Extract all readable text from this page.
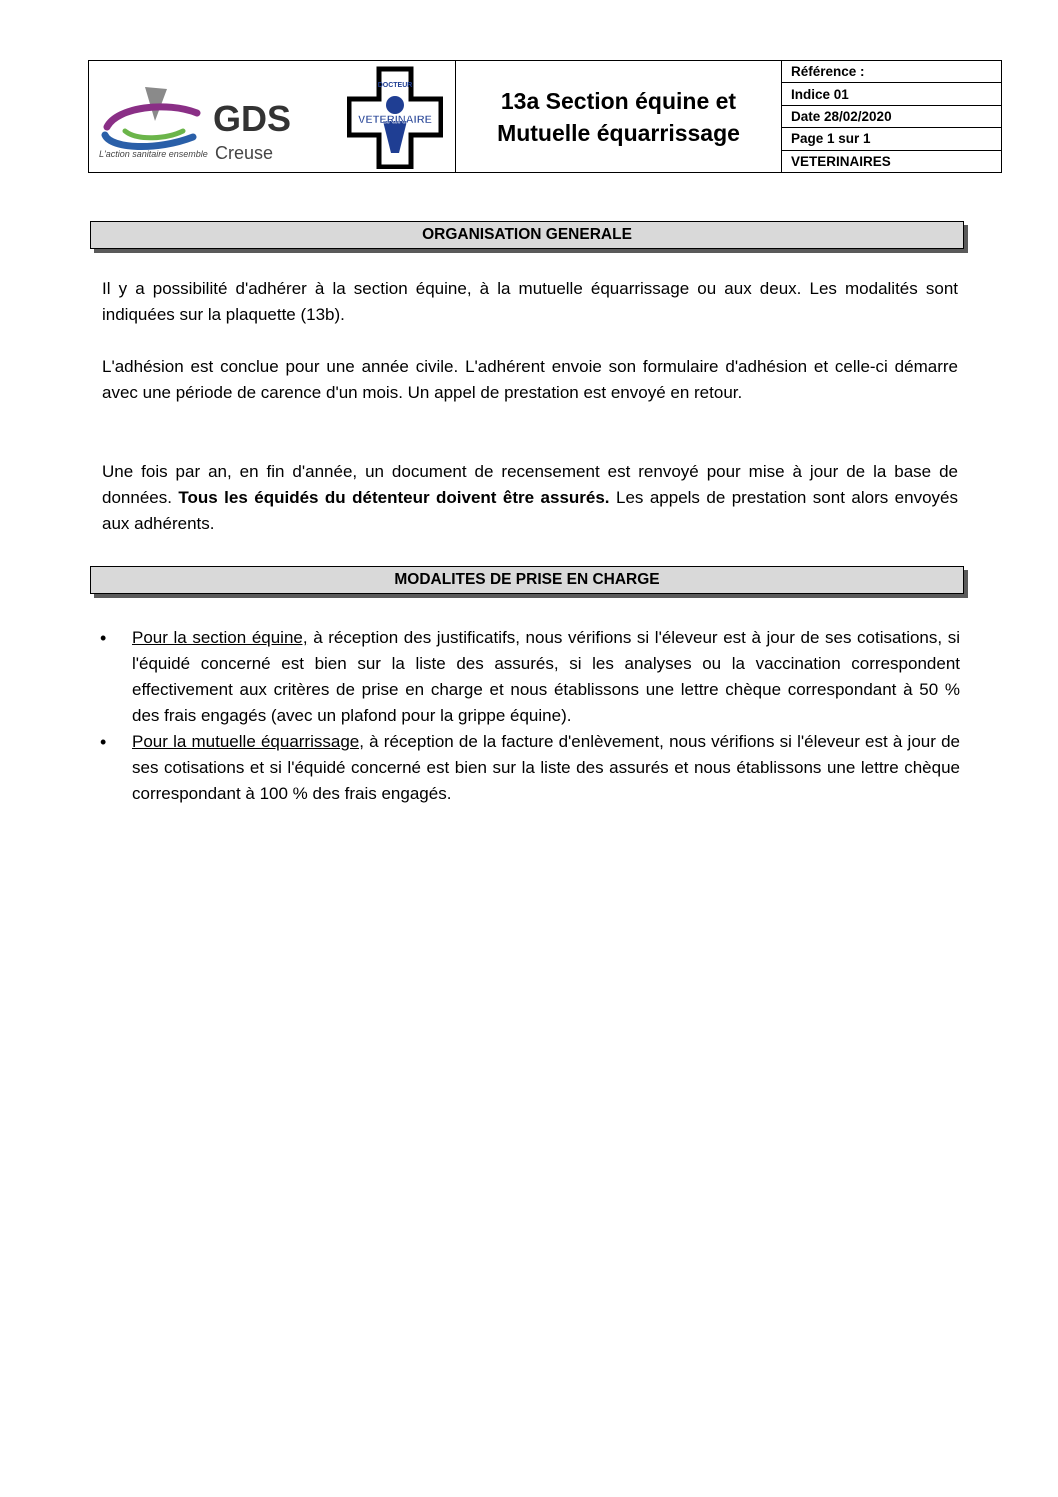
GDS
Creuse
L'action sanitaire ensemble
DOCTEUR
VETERINAIRE
13a Section équine et
Mutuelle équarrissage
Référence :
Indice 01
Date 28/02/2020
Page 1 sur 1
VETERINAIRES
ORGANISATION GENERALE

Il y a possibilité d'adhérer à la section équine, à la mutuelle équarrissage ou aux deux. Les modalités sont indiquées sur la plaquette (13b).

L'adhésion est conclue pour une année civile. L'adhérent envoie son formulaire d'adhésion et celle-ci démarre avec une période de carence d'un mois. Un appel de prestation est envoyé en retour.

Une fois par an, en fin d'année, un document de recensement est renvoyé pour mise à jour de la base de données. Tous les équidés du détenteur doivent être assurés. Les appels de prestation sont alors envoyés aux adhérents.

MODALITES DE PRISE EN CHARGE
• Pour la section équine, à réception des justificatifs, nous vérifions si l'éleveur est à jour de ses cotisations, si l'équidé concerné est bien sur la liste des assurés, si les analyses ou la vaccination correspondent effectivement aux critères de prise en charge et nous établissons une lettre chèque correspondant à 50 % des frais engagés (avec un plafond pour la grippe équine).
• Pour la mutuelle équarrissage, à réception de la facture d'enlèvement, nous vérifions si l'éleveur est à jour de ses cotisations et si l'équidé concerné est bien sur la liste des assurés et nous établissons une lettre chèque correspondant à 100 % des frais engagés.
